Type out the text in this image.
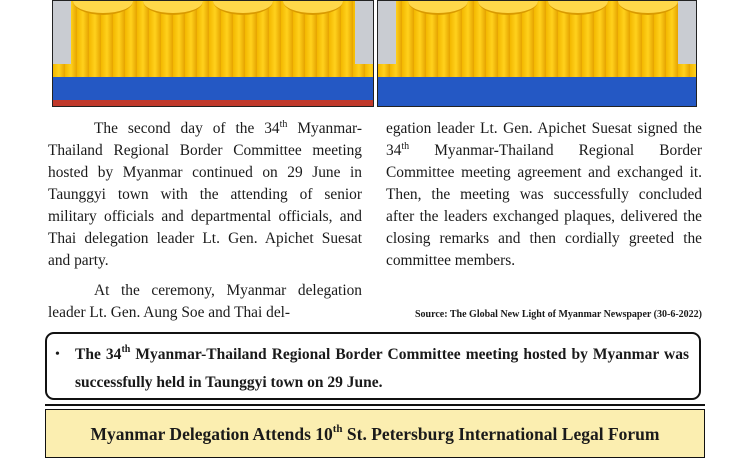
The second day of the 34th Myanmar-Thailand Regional Border Committee meeting hosted by Myanmar continued on 29 June in Taunggyi town with the attending of senior military officials and departmental officials, and Thai delegation leader Lt. Gen. Apichet Suesat and party.

At the ceremony, Myanmar delegation leader Lt. Gen. Aung Soe and Thai del-

egation leader Lt. Gen. Apichet Suesat signed the 34th Myanmar-Thailand Regional Border Committee meeting agreement and exchanged it. Then, the meeting was successfully concluded after the leaders exchanged plaques, delivered the closing remarks and then cordially greeted the committee members.

Source: The Global New Light of Myanmar Newspaper (30-6-2022)
• The 34th Myanmar-Thailand Regional Border Committee meeting hosted by Myanmar was successfully held in Taunggyi town on 29 June.
Myanmar Delegation Attends 10th St. Petersburg International Legal Forum
